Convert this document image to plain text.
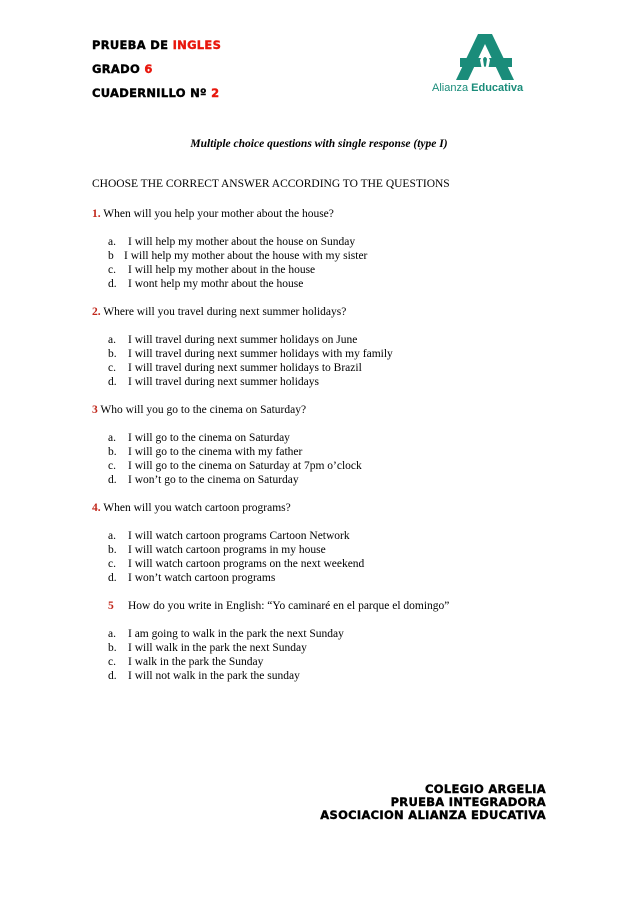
PRUEBA DE INGLES
GRADO 6
CUADERNILLO Nº 2	Alianza Educativa
Multiple choice questions with single response (type I)
CHOOSE THE CORRECT ANSWER ACCORDING TO THE QUESTIONS
1. When will you help your mother about the house?
a. I will help my mother about the house on Sunday
b I will help my mother about the house with my sister
c. I will help my mother about in the house
d. I wont help my mothr about the house
2. Where will you travel during next summer holidays?
a. I will travel during next summer holidays on June
b. I will travel during next summer holidays with my family
c. I will travel during next summer holidays to Brazil
d. I will travel during next summer holidays
3 Who will you go to the cinema on Saturday?
a. I will go to the cinema on Saturday
b. I will go to the cinema with my father
c. I will go to the cinema on Saturday at 7pm o’clock
d. I won’t go to the cinema on Saturday
4. When will you watch cartoon programs?
a. I will watch cartoon programs Cartoon Network
b. I will watch cartoon programs in my house
c. I will watch cartoon programs on the next weekend
d. I won’t watch cartoon programs
5 How do you write in English: “Yo caminaré en el parque el domingo”
a. I am going to walk in the park the next Sunday
b. I will walk in the park the next Sunday
c. I walk in the park the Sunday
d. I will not walk in the park the sunday
COLEGIO ARGELIA
PRUEBA INTEGRADORA
ASOCIACION ALIANZA EDUCATIVA
